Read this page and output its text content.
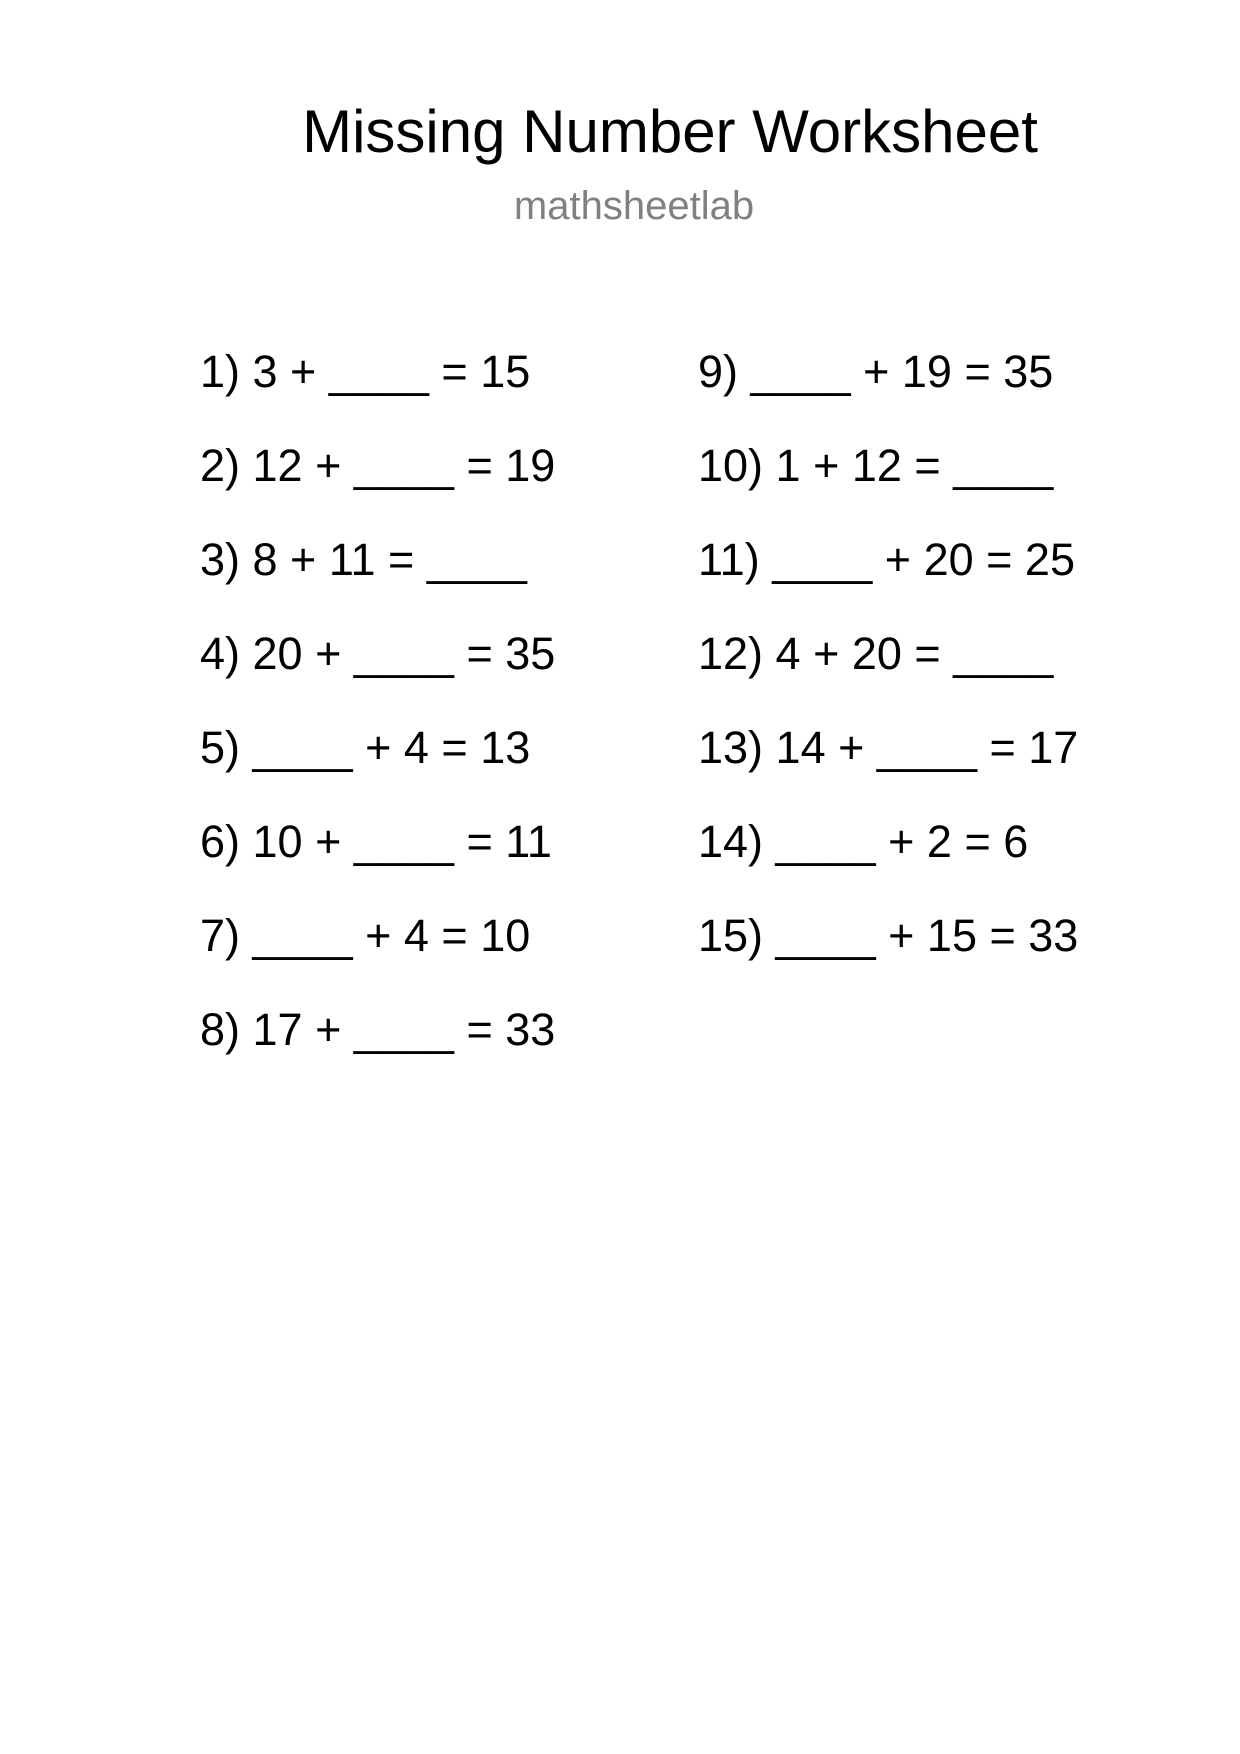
Missing Number Worksheet
mathsheetlab
1) 3 + ____ = 15
2) 12 + ____ = 19
3) 8 + 11 = ____
4) 20 + ____ = 35
5) ____ + 4 = 13
6) 10 + ____ = 11
7) ____ + 4 = 10
8) 17 + ____ = 33
9) ____ + 19 = 35
10) 1 + 12 = ____
11) ____ + 20 = 25
12) 4 + 20 = ____
13) 14 + ____ = 17
14) ____ + 2 = 6
15) ____ + 15 = 33
